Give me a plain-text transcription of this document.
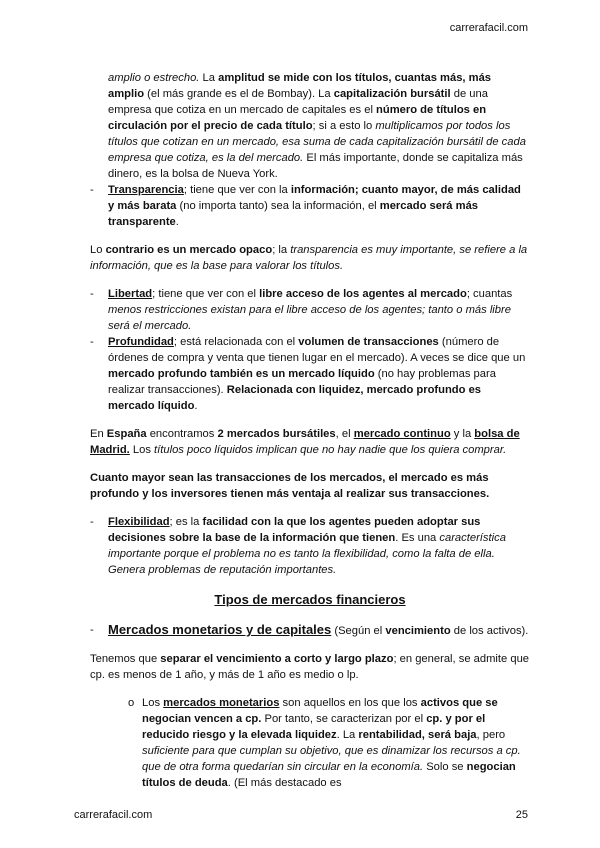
carrerafacil.com

amplio o estrecho. La amplitud se mide con los títulos, cuantas más, más amplio (el más grande es el de Bombay). La capitalización bursátil de una empresa que cotiza en un mercado de capitales es el número de títulos en circulación por el precio de cada título; si a esto lo multiplicamos por todos los títulos que cotizan en un mercado, esa suma de cada capitalización bursátil de cada empresa que cotiza, es la del mercado. El más importante, donde se capitaliza más dinero, es la bolsa de Nueva York.

- Transparencia; tiene que ver con la información; cuanto mayor, de más calidad y más barata (no importa tanto) sea la información, el mercado será más transparente.

Lo contrario es un mercado opaco; la transparencia es muy importante, se refiere a la información, que es la base para valorar los títulos.

- Libertad; tiene que ver con el libre acceso de los agentes al mercado; cuantas menos restricciones existan para el libre acceso de los agentes; tanto o más libre será el mercado.

- Profundidad; está relacionada con el volumen de transacciones (número de órdenes de compra y venta que tienen lugar en el mercado). A veces se dice que un mercado profundo también es un mercado líquido (no hay problemas para realizar transacciones). Relacionada con liquidez, mercado profundo es mercado líquido.

En España encontramos 2 mercados bursátiles, el mercado continuo y la bolsa de Madrid. Los títulos poco líquidos implican que no hay nadie que los quiera comprar.

Cuanto mayor sean las transacciones de los mercados, el mercado es más profundo y los inversores tienen más ventaja al realizar sus transacciones.

- Flexibilidad; es la facilidad con la que los agentes pueden adoptar sus decisiones sobre la base de la información que tienen. Es una característica importante porque el problema no es tanto la flexibilidad, como la falta de ella. Genera problemas de reputación importantes.

Tipos de mercados financieros

- Mercados monetarios y de capitales (Según el vencimiento de los activos).

Tenemos que separar el vencimiento a corto y largo plazo; en general, se admite que cp. es menos de 1 año, y más de 1 año es medio o lp.

o Los mercados monetarios son aquellos en los que los activos que se negocian vencen a cp. Por tanto, se caracterizan por el cp. y por el reducido riesgo y la elevada liquidez. La rentabilidad, será baja, pero suficiente para que cumplan su objetivo, que es dinamizar los recursos a cp. que de otra forma quedarían sin circular en la economía. Solo se negocian títulos de deuda. (El más destacado es

carrerafacil.com	25
